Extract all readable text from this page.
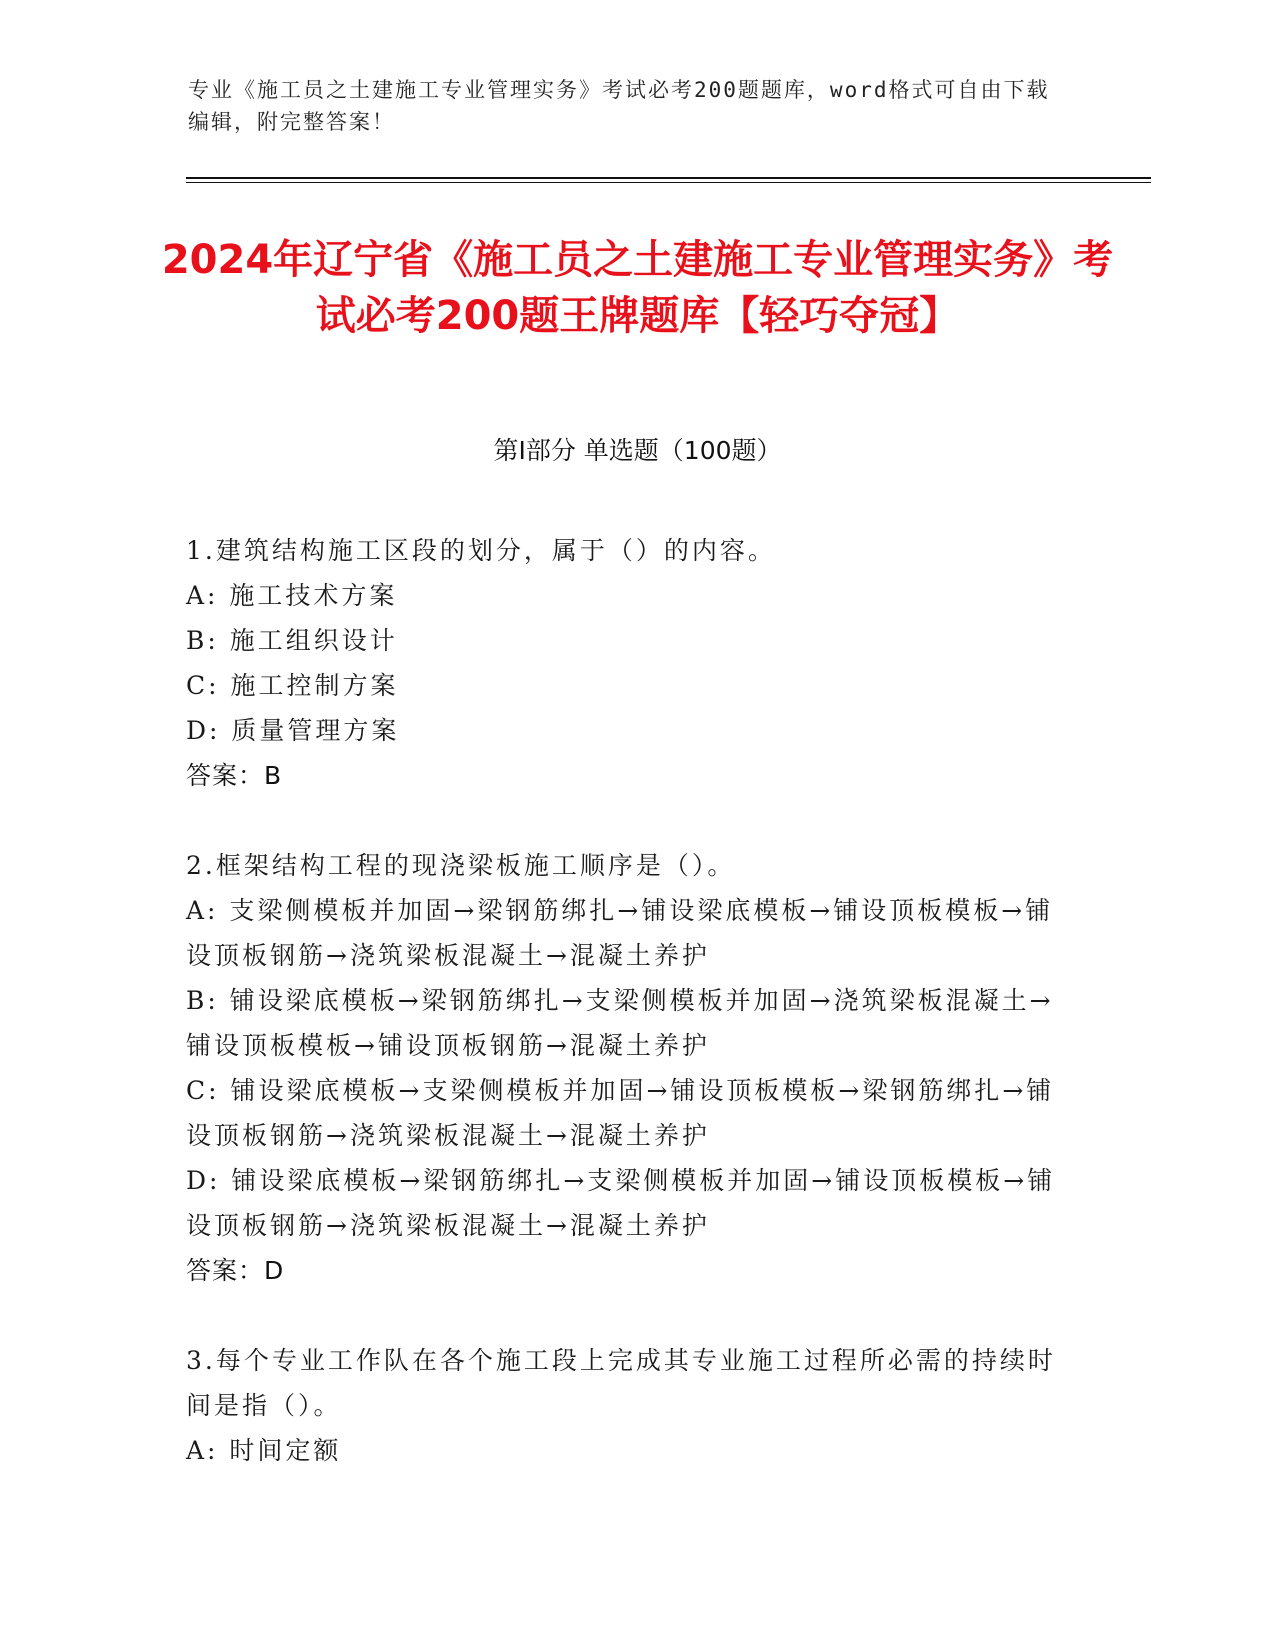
专业《施工员之土建施工专业管理实务》考试必考200题题库，word格式可自由下载编辑，附完整答案！
2024年辽宁省《施工员之土建施工专业管理实务》考试必考200题王牌题库【轻巧夺冠】
第I部分 单选题（100题）
1.建筑结构施工区段的划分，属于（）的内容。
A: 施工技术方案
B: 施工组织设计
C: 施工控制方案
D: 质量管理方案
答案：B
2.框架结构工程的现浇梁板施工顺序是（）。
A: 支梁侧模板并加固→梁钢筋绑扎→铺设梁底模板→铺设顶板模板→铺设顶板钢筋→浇筑梁板混凝土→混凝土养护
B: 铺设梁底模板→梁钢筋绑扎→支梁侧模板并加固→浇筑梁板混凝土→铺设顶板模板→铺设顶板钢筋→混凝土养护
C: 铺设梁底模板→支梁侧模板并加固→铺设顶板模板→梁钢筋绑扎→铺设顶板钢筋→浇筑梁板混凝土→混凝土养护
D: 铺设梁底模板→梁钢筋绑扎→支梁侧模板并加固→铺设顶板模板→铺设顶板钢筋→浇筑梁板混凝土→混凝土养护
答案：D
3.每个专业工作队在各个施工段上完成其专业施工过程所必需的持续时间是指（）。
A: 时间定额
